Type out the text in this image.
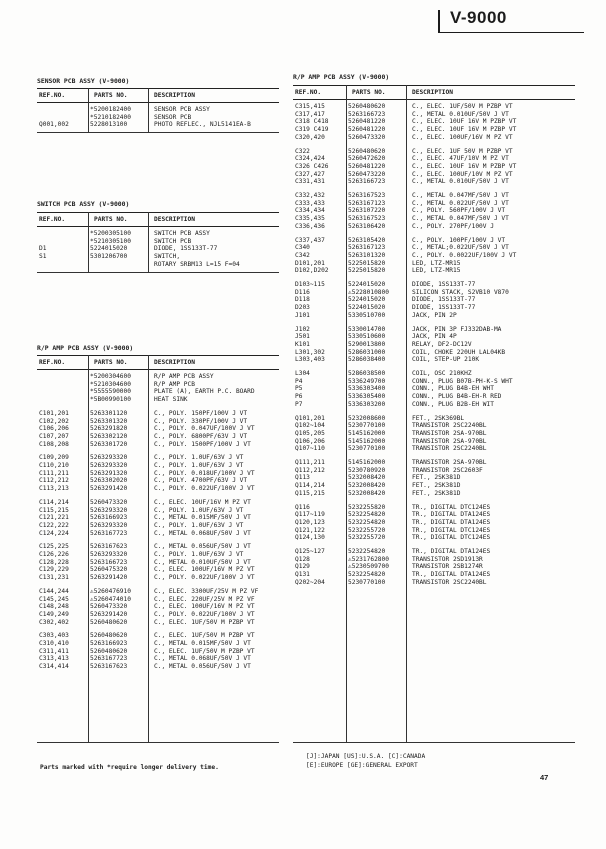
V-9000
SENSOR PCB ASSY (V-9000)
REF.NO.	PARTS NO.	DESCRIPTION
*5200182400	SENSOR PCB ASSY
*5210182400	SENSOR PCB
Q001,002	5228013100	PHOTO REFLEC., NJL5141EA-B
SWITCH PCB ASSY (V-9000)
REF.NO.	PARTS NO.	DESCRIPTION
*5200305100	SWITCH PCB ASSY
*5210305100	SWITCH PCB
D1	5224015020	DIODE, 1SS133T-77
S1	5301206700	SWITCH,
ROTARY SRBM13 L=15 F=04
R/P AMP PCB ASSY (V-9000)
REF.NO.	PARTS NO.	DESCRIPTION
*5200304600	R/P AMP PCB ASSY
*5210304600	R/P AMP PCB
*5555590000	PLATE (A), EARTH P.C. BOARD
*5B00990100	HEAT SINK
C101,201	5263301120	C., POLY. 150PF/100V J VT
C102,202	5263301320	C., POLY. 330PF/100V J VT
C106,206	5263291820	C., POLY. 0.047UF/100V J VT
C107,207	5263302120	C., POLY. 6800PF/63V J VT
C108,208	5263301720	C., POLY. 1500PF/100V J VT
C109,209	5263293320	C., POLY. 1.0UF/63V J VT
C110,210	5263293320	C., POLY. 1.0UF/63V J VT
C111,211	5263291320	C., POLY. 0.018UF/100V J VT
C112,212	5263302020	C., POLY. 4700PF/63V J VT
C113,213	5263291420	C., POLY. 0.022UF/100V J VT
C114,214	5260473320	C., ELEC. 10UF/16V M PZ VT
C115,215	5263293320	C., POLY. 1.0UF/63V J VT
C121,221	5263166923	C., METAL 0.015MF/50V J VT
C122,222	5263293320	C., POLY. 1.0UF/63V J VT
C124,224	5263167723	C., METAL 0.068UF/50V J VT
C125,225	5263167623	C., METAL 0.056UF/50V J VT
C126,226	5263293320	C., POLY. 1.0UF/63V J VT
C128,228	5263166723	C., METAL 0.010UF/50V J VT
C129,229	5260475320	C., ELEC. 100UF/16V M PZ VT
C131,231	5263291420	C., POLY. 0.022UF/100V J VT
C144,244	⚠5260476910	C., ELEC. 3300UF/25V M PZ VF
C145,245	⚠5260474010	C., ELEC. 220UF/25V M PZ VF
C148,248	5260473320	C., ELEC. 100UF/16V M PZ VT
C149,249	5263291420	C., POLY. 0.022UF/100V J VT
C302,402	5260480620	C., ELEC. 1UF/50V M PZBP VT
C303,403	5260480620	C., ELEC. 1UF/50V M PZBP VT
C310,410	5263166923	C., METAL 0.015MF/50V J VT
C311,411	5260480620	C., ELEC. 1UF/50V M PZBP VT
C313,413	5263167723	C., METAL 0.068UF/50V J VT
C314,414	5263167623	C., METAL 0.056UF/50V J VT
R/P AMP PCB ASSY (V-9000)
REF.NO.	PARTS NO.	DESCRIPTION
C315,415	5260480620	C., ELEC. 1UF/50V M PZBP VT
C317,417	5263166723	C., METAL 0.010UF/50V J VT
C318 C418	5260481220	C., ELEC. 10UF 16V M PZBP VT
C319 C419	5260481220	C., ELEC. 10UF 16V M PZBP VT
C320,420	5260473320	C., ELEC. 100UF/16V M PZ VT
C322	5260480620	C., ELEC. 1UF 50V M PZBP VT
C324,424	5260472620	C., ELEC. 47UF/10V M PZ VT
C326 C426	5260481220	C., ELEC. 10UF 16V M PZBP VT
C327,427	5260473220	C., ELEC. 100UF/10V M PZ VT
C331,431	5263166723	C., METAL 0.010UF/50V J VT
C332,432	5263167523	C., METAL 0.047MF/50V J VT
C333,433	5263167123	C., METAL 0.022UF/50V J VT
C334,434	5263107220	C., POLY. 560PF/100V J VT
C335,435	5263167523	C., METAL 0.047MF/50V J VT
C336,436	5263106420	C., POLY. 270PF/100V J
C337,437	5263105420	C., POLY. 100PF/100V J VT
C340	5263167123	C., METAL;0.022UF/50V J VT
C342	5263101320	C., POLY. 0.0022UF/100V J VT
D101,201	5225015820	LED, LTZ-MR15
D102,D202	5225015820	LED, LTZ-MR15
D103~115	5224015020	DIODE, 1SS133T-77
D116	⚠5228010800	SILICON STACK, S2VB10 V870
D118	5224015020	DIODE, 1SS133T-77
D203	5224015020	DIODE, 1SS133T-77
J101	5330510700	JACK, PIN 2P
J102	5330014700	JACK, PIN 3P FJ332DAB-MA
J501	5330510600	JACK, PIN 4P
K101	5290013800	RELAY, DF2-DC12V
L301,302	5286031000	COIL, CHOKE 220UH LAL04KB
L303,403	5286038400	COIL, STEP-UP 210K
L304	5286038500	COIL, OSC 210KHZ
P4	5336249700	CONN., PLUG B07B-PH-K-S WHT
P5	5336303400	CONN., PLUG B4B-EH WHT
P6	5336305400	CONN., PLUG B4B-EH-R RED
P7	5336303200	CONN., PLUG B2B-EH WIT
Q101,201	5232008600	FET., 2SK369BL
Q102~104	5230770100	TRANSISTOR 2SC2240BL
Q105,205	5145162000	TRANSISTOR 2SA-970BL
Q106,206	5145162000	TRANSISTOR 2SA-970BL
Q107~110	5230770100	TRANSISTOR 2SC2240BL
Q111,211	5145162000	TRANSISTOR 2SA-970BL
Q112,212	5230780920	TRANSISTOR 2SC2603F
Q113	5232008420	FET., 2SK381D
Q114,214	5232008420	FET., 2SK381D
Q115,215	5232008420	FET., 2SK381D
Q116	5232255820	TR., DIGITAL DTC124ES
Q117~119	5232254820	TR., DIGITAL DTA124ES
Q120,123	5232254820	TR., DIGITAL DTA124ES
Q121,122	5232255720	TR., DIGITAL DTC124ES
Q124,130	5232255720	TR., DIGITAL DTC124ES
Q125~127	5232254820	TR., DIGITAL DTA124ES
Q128	⚠5231762800	TRANSISTOR 2SD1913R
Q129	⚠5230509700	TRANSISTOR 2SB1274R
Q131	5232254820	TR., DIGITAL DTA124ES
Q202~204	5230770100	TRANSISTOR 2SC2240BL
Parts marked with *require longer delivery time.
[J]:JAPAN [US]:U.S.A. [C]:CANADA
[E]:EUROPE [GE]:GENERAL EXPORT
47
